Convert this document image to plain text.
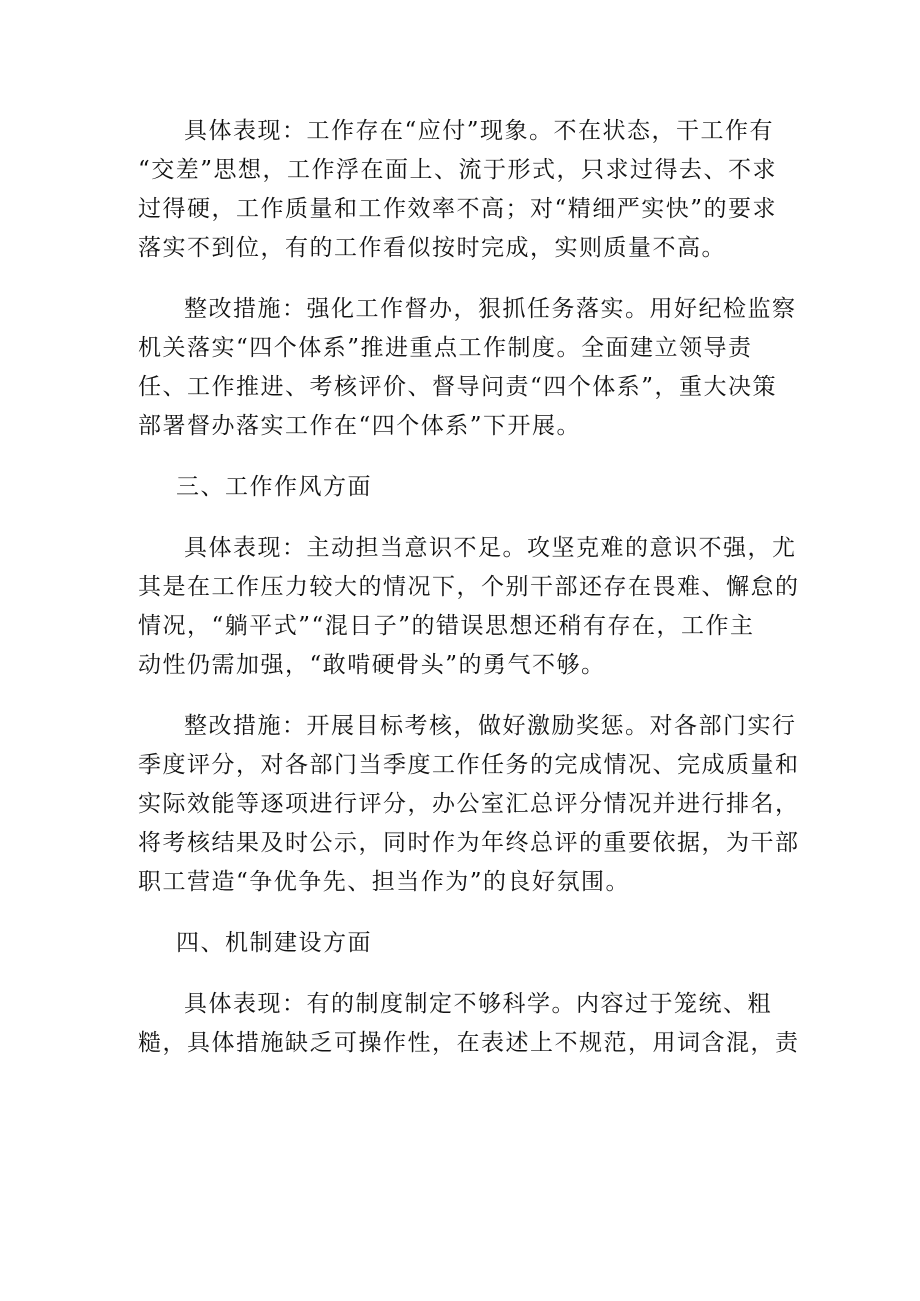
具体表现：工作存在“应付”现象。不在状态，干工作有
“交差”思想，工作浮在面上、流于形式，只求过得去、不求
过得硬，工作质量和工作效率不高；对“精细严实快”的要求
落实不到位，有的工作看似按时完成，实则质量不高。
整改措施：强化工作督办，狠抓任务落实。用好纪检监察
机关落实“四个体系”推进重点工作制度。全面建立领导责
任、工作推进、考核评价、督导问责“四个体系”，重大决策
部署督办落实工作在“四个体系”下开展。
三、工作作风方面
具体表现：主动担当意识不足。攻坚克难的意识不强，尤
其是在工作压力较大的情况下，个别干部还存在畏难、懈怠的
情况，“躺平式”“混日子”的错误思想还稍有存在，工作主
动性仍需加强，“敢啃硬骨头”的勇气不够。
整改措施：开展目标考核，做好激励奖惩。对各部门实行
季度评分，对各部门当季度工作任务的完成情况、完成质量和
实际效能等逐项进行评分，办公室汇总评分情况并进行排名，
将考核结果及时公示，同时作为年终总评的重要依据，为干部
职工营造“争优争先、担当作为”的良好氛围。
四、机制建设方面
具体表现：有的制度制定不够科学。内容过于笼统、粗
糙，具体措施缺乏可操作性，在表述上不规范，用词含混，责
